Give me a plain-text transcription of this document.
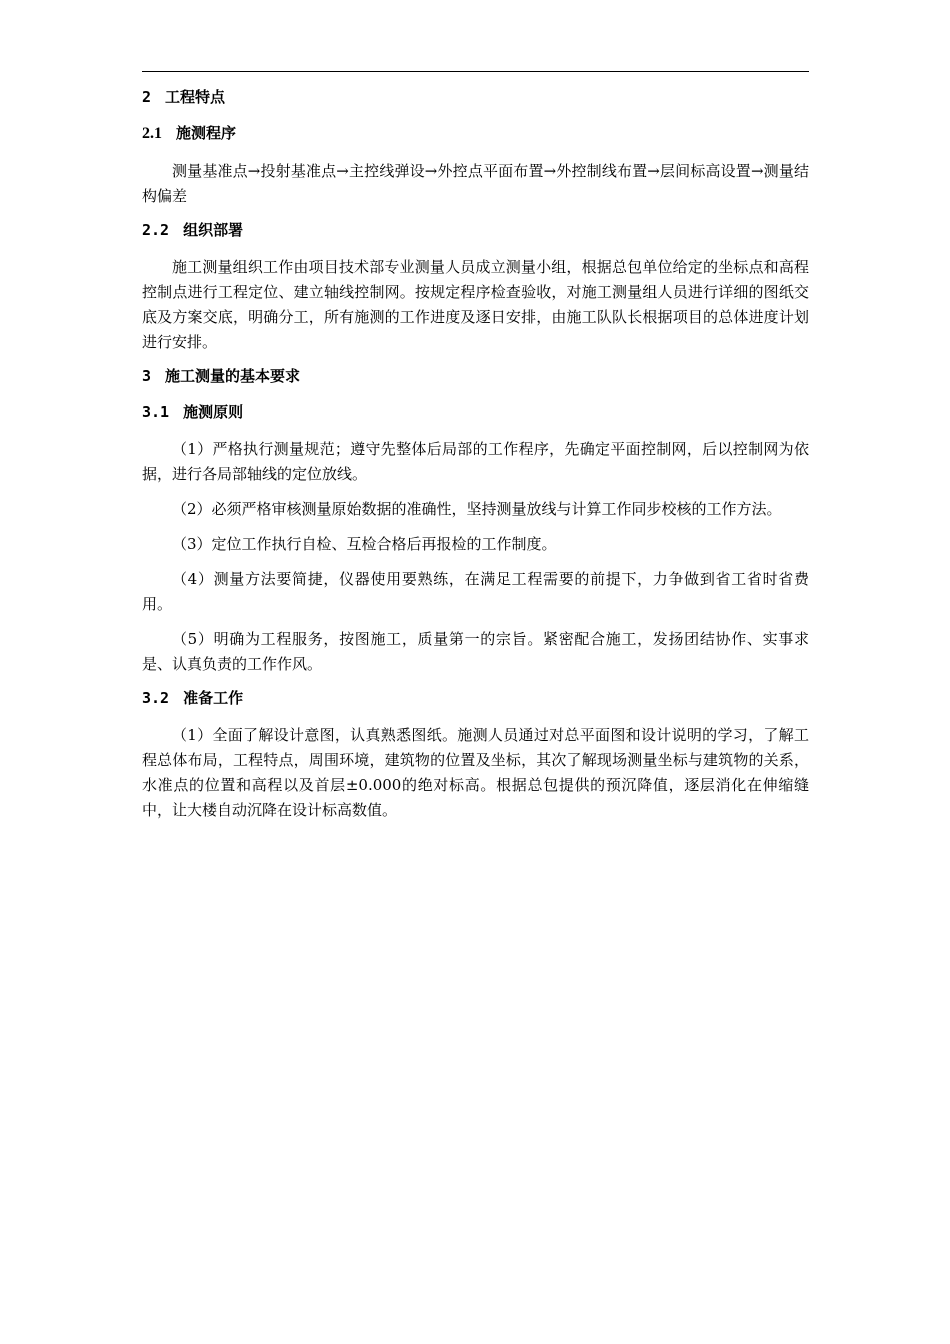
2 工程特点
2.1 施测程序

测量基准点→投射基准点→主控线弹设→外控点平面布置→外控制线布置→层间标高设置→测量结构偏差

2.2 组织部署

施工测量组织工作由项目技术部专业测量人员成立测量小组，根据总包单位给定的坐标点和高程控制点进行工程定位、建立轴线控制网。按规定程序检查验收，对施工测量组人员进行详细的图纸交底及方案交底，明确分工，所有施测的工作进度及逐日安排，由施工队队长根据项目的总体进度计划进行安排。

3 施工测量的基本要求
3.1 施测原则

（1）严格执行测量规范；遵守先整体后局部的工作程序，先确定平面控制网，后以控制网为依据，进行各局部轴线的定位放线。

（2）必须严格审核测量原始数据的准确性，坚持测量放线与计算工作同步校核的工作方法。

（3）定位工作执行自检、互检合格后再报检的工作制度。

（4）测量方法要简捷，仪器使用要熟练，在满足工程需要的前提下，力争做到省工省时省费用。

（5）明确为工程服务，按图施工，质量第一的宗旨。紧密配合施工，发扬团结协作、实事求是、认真负责的工作作风。

3.2 准备工作

（1）全面了解设计意图，认真熟悉图纸。施测人员通过对总平面图和设计说明的学习，了解工程总体布局，工程特点，周围环境，建筑物的位置及坐标，其次了解现场测量坐标与建筑物的关系，水准点的位置和高程以及首层±0.000的绝对标高。根据总包提供的预沉降值，逐层消化在伸缩缝中，让大楼自动沉降在设计标高数值。
